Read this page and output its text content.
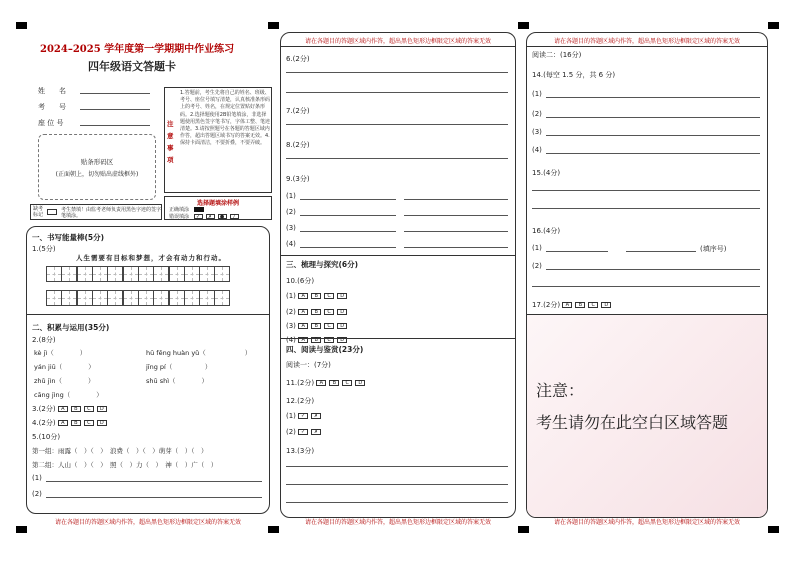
2024–2025 学年度第一学期期中作业练习
四年级语文答题卡
姓　　名
考　　号
座 位 号
贴条形码区
(正面朝上，切勿贴出虚线框外)
注意事项
1.答题前，考生先将自己的姓名、班级、考号、座位号填写清楚，认真核准条形码上的考号、姓名，在规定位置贴好条形码。2.选择题使用2B铅笔填涂，非选择题使用黑色签字笔书写，字体工整、笔迹清楚。3.请按照题号在各题的答题区域内作答，超出答题区域书写的答案无效。4.保持卡面清洁，不要折叠，不要弄破。
缺考标记
考生禁填！由监考老师负责用黑色字迹的签字笔填涂。
选择题填涂样例
正确填涂
错误填涂 ✓ ✗ ● /
一、书写能量棒(5分)
1.(5分)
人生需要有目标和梦想，才会有动力和行动。
二、积累与运用(35分)
2.(8分)
kè jì（　　　　）	hū fēng huàn yǔ（　　　　　　）
yán jiū（　　　　）	jīng pí（　　　　　）
zhǔ jìn（　　　　）	shū shì（　　　　）
cāng jìng（　　　　）
3.(2分) A B C D
4.(2分) A B C D
5.(10分)
第一组：雨露（　）（　）　浪费（　）（　）萌芽（　）（　）
第二组：人山（　）（　）　照（　）力（　）　神（　）广（　）
(1)
(2)
请在各题目的答题区域内作答，超出黑色矩形边框限定区域的答案无效
请在各题目的答题区域内作答，超出黑色矩形边框限定区域的答案无效
6.(2分)
7.(2分)
8.(2分)
9.(3分)
(1)
(2)
(3)
(4)
三、梳理与探究(6分)
10.(6分)
(1) A B C D
(2) A B C D
(3) A B C D
(4) A B C D
四、阅读与鉴赏(23分)
阅读一：(7分)
11.(2分) A B C D
12.(2分)
(1) ✓ ✗
(2) ✓ ✗
13.(3分)
请在各题目的答题区域内作答，超出黑色矩形边框限定区域的答案无效
请在各题目的答题区域内作答，超出黑色矩形边框限定区域的答案无效
阅读二：(16分)
14.(每空 1.5 分，共 6 分)
(1)
(2)
(3)
(4)
15.(4分)
16.(4分)
(1)	(填序号)
(2)
17.(2分) A B C D
注意：
考生请勿在此空白区域答题
请在各题目的答题区域内作答，超出黑色矩形边框限定区域的答案无效
